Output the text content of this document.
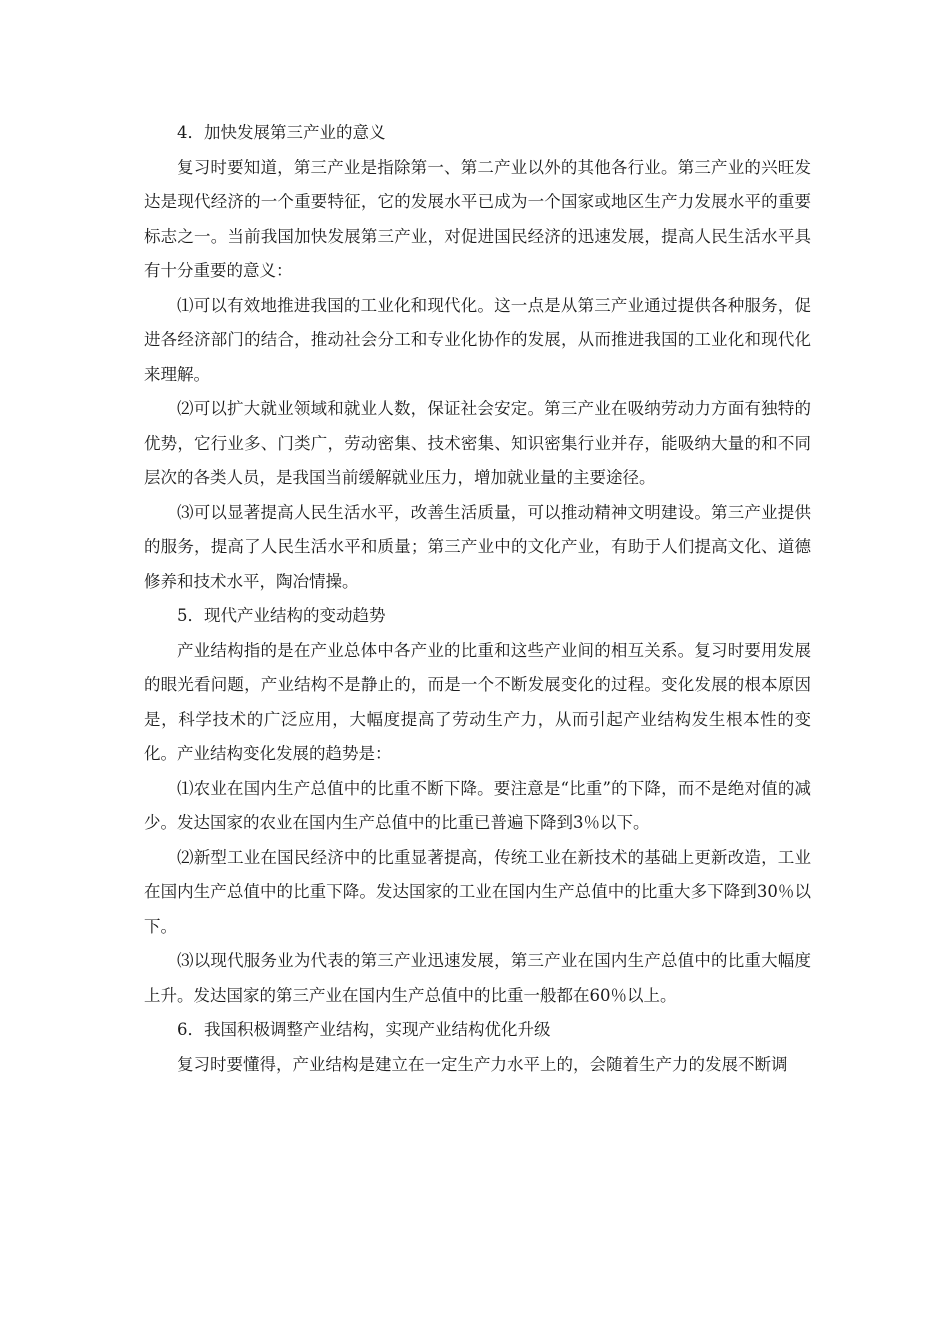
4．加快发展第三产业的意义

复习时要知道，第三产业是指除第一、第二产业以外的其他各行业。第三产业的兴旺发达是现代经济的一个重要特征，它的发展水平已成为一个国家或地区生产力发展水平的重要标志之一。当前我国加快发展第三产业，对促进国民经济的迅速发展，提高人民生活水平具有十分重要的意义：

⑴可以有效地推进我国的工业化和现代化。这一点是从第三产业通过提供各种服务，促进各经济部门的结合，推动社会分工和专业化协作的发展，从而推进我国的工业化和现代化来理解。

⑵可以扩大就业领域和就业人数，保证社会安定。第三产业在吸纳劳动力方面有独特的优势，它行业多、门类广，劳动密集、技术密集、知识密集行业并存，能吸纳大量的和不同层次的各类人员，是我国当前缓解就业压力，增加就业量的主要途径。

⑶可以显著提高人民生活水平，改善生活质量，可以推动精神文明建设。第三产业提供的服务，提高了人民生活水平和质量；第三产业中的文化产业，有助于人们提高文化、道德修养和技术水平，陶冶情操。

5．现代产业结构的变动趋势

产业结构指的是在产业总体中各产业的比重和这些产业间的相互关系。复习时要用发展的眼光看问题，产业结构不是静止的，而是一个不断发展变化的过程。变化发展的根本原因是，科学技术的广泛应用，大幅度提高了劳动生产力，从而引起产业结构发生根本性的变化。产业结构变化发展的趋势是：

⑴农业在国内生产总值中的比重不断下降。要注意是“比重”的下降，而不是绝对值的减少。发达国家的农业在国内生产总值中的比重已普遍下降到3％以下。

⑵新型工业在国民经济中的比重显著提高，传统工业在新技术的基础上更新改造，工业在国内生产总值中的比重下降。发达国家的工业在国内生产总值中的比重大多下降到30％以下。

⑶以现代服务业为代表的第三产业迅速发展，第三产业在国内生产总值中的比重大幅度上升。发达国家的第三产业在国内生产总值中的比重一般都在60％以上。

6．我国积极调整产业结构，实现产业结构优化升级

复习时要懂得，产业结构是建立在一定生产力水平上的，会随着生产力的发展不断调
